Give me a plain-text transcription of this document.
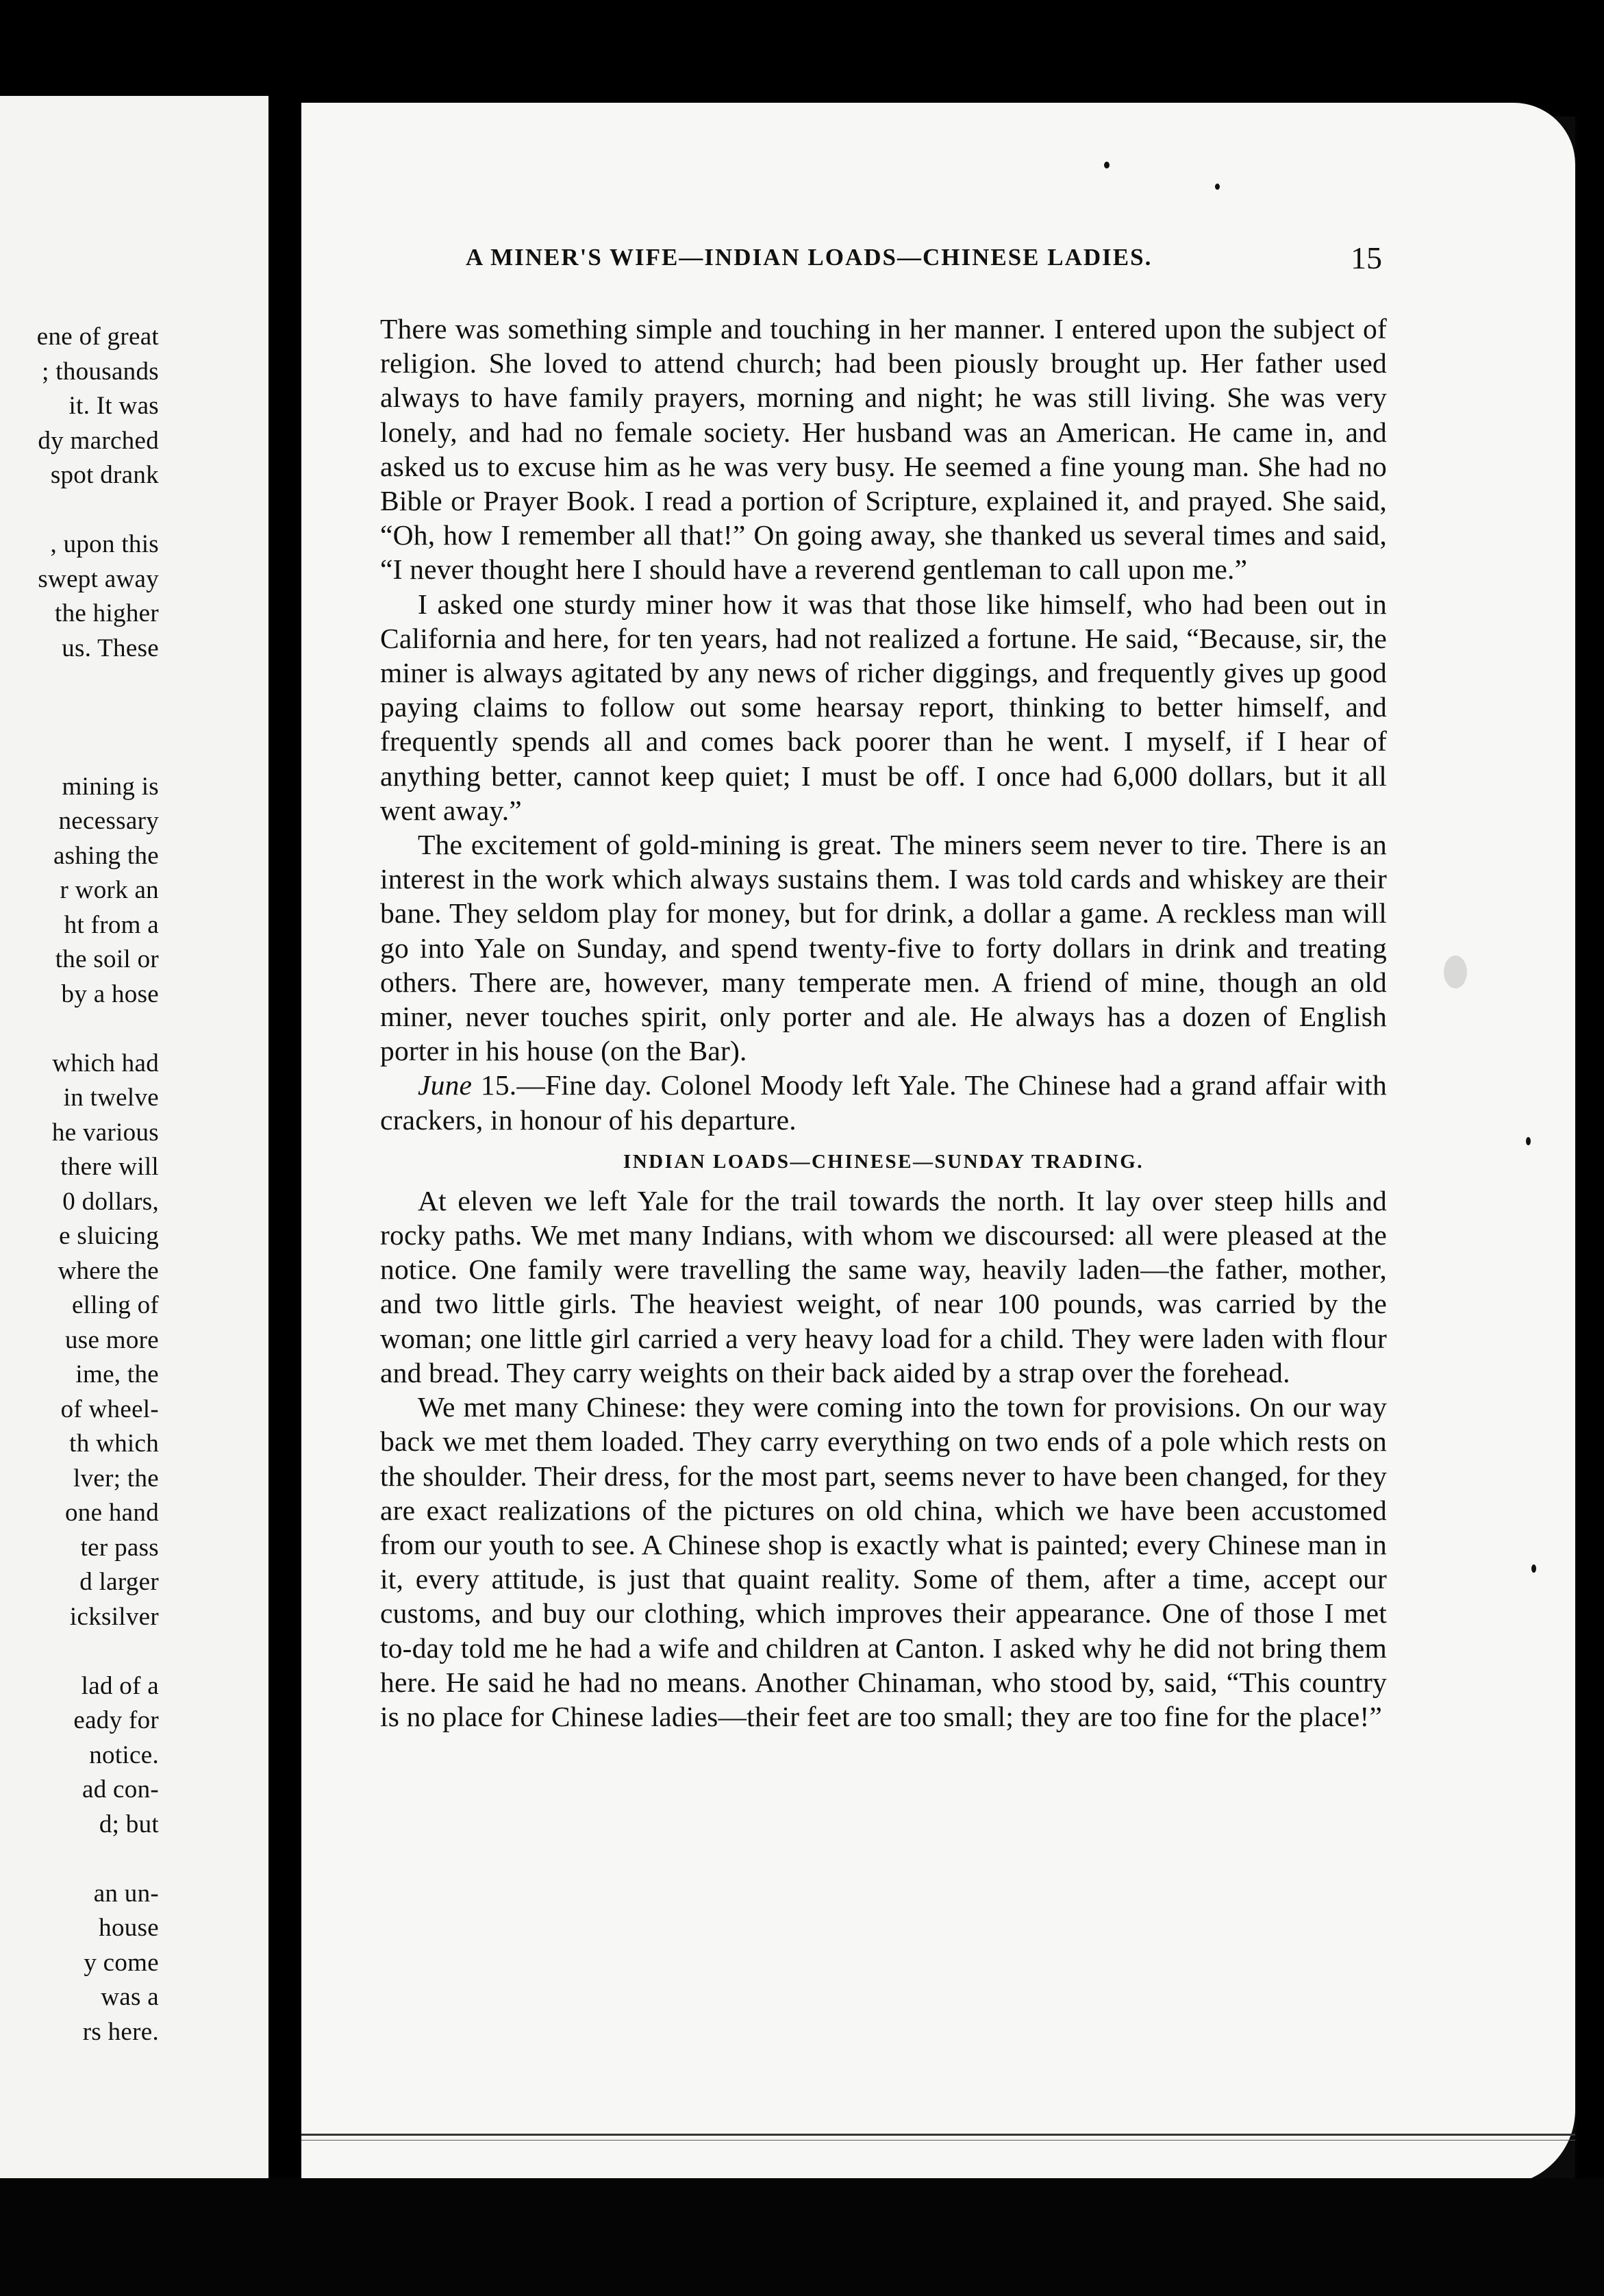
ene of great
; thousands
it. It was
dy marched
spot drank
, upon this
swept away
the higher
us. These
mining is
necessary
ashing the
r work an
ht from a
the soil or
by a hose
which had
in twelve
he various
there will
0 dollars,
e sluicing
where the
elling of
use more
ime, the
of wheel-
th which
lver; the
one hand
ter pass
d larger
icksilver
lad of a
eady for
notice.
ad con-
d; but
an un-
house
y come
was a
rs here.
A MINER'S WIFE—INDIAN LOADS—CHINESE LADIES.	15

There was something simple and touching in her manner. I entered upon the subject of religion. She loved to attend church; had been piously brought up. Her father used always to have family prayers, morning and night; he was still living. She was very lonely, and had no female society. Her husband was an American. He came in, and asked us to excuse him as he was very busy. He seemed a fine young man. She had no Bible or Prayer Book. I read a portion of Scripture, explained it, and prayed. She said, “Oh, how I remember all that!” On going away, she thanked us several times and said, “I never thought here I should have a reverend gentleman to call upon me.”

I asked one sturdy miner how it was that those like himself, who had been out in California and here, for ten years, had not realized a fortune. He said, “Because, sir, the miner is always agitated by any news of richer diggings, and frequently gives up good paying claims to follow out some hearsay report, thinking to better himself, and frequently spends all and comes back poorer than he went. I myself, if I hear of anything better, cannot keep quiet; I must be off. I once had 6,000 dollars, but it all went away.”

The excitement of gold-mining is great. The miners seem never to tire. There is an interest in the work which always sustains them. I was told cards and whiskey are their bane. They seldom play for money, but for drink, a dollar a game. A reckless man will go into Yale on Sunday, and spend twenty-five to forty dollars in drink and treating others. There are, however, many temperate men. A friend of mine, though an old miner, never touches spirit, only porter and ale. He always has a dozen of English porter in his house (on the Bar).

June 15.—Fine day. Colonel Moody left Yale. The Chinese had a grand affair with crackers, in honour of his departure.

INDIAN LOADS—CHINESE—SUNDAY TRADING.

At eleven we left Yale for the trail towards the north. It lay over steep hills and rocky paths. We met many Indians, with whom we discoursed: all were pleased at the notice. One family were travelling the same way, heavily laden—the father, mother, and two little girls. The heaviest weight, of near 100 pounds, was carried by the woman; one little girl carried a very heavy load for a child. They were laden with flour and bread. They carry weights on their back aided by a strap over the forehead.

We met many Chinese: they were coming into the town for provisions. On our way back we met them loaded. They carry everything on two ends of a pole which rests on the shoulder. Their dress, for the most part, seems never to have been changed, for they are exact realizations of the pictures on old china, which we have been accustomed from our youth to see. A Chinese shop is exactly what is painted; every Chinese man in it, every attitude, is just that quaint reality. Some of them, after a time, accept our customs, and buy our clothing, which improves their appearance. One of those I met to-day told me he had a wife and children at Canton. I asked why he did not bring them here. He said he had no means. Another Chinaman, who stood by, said, “This country is no place for Chinese ladies—their feet are too small; they are too fine for the place!”
